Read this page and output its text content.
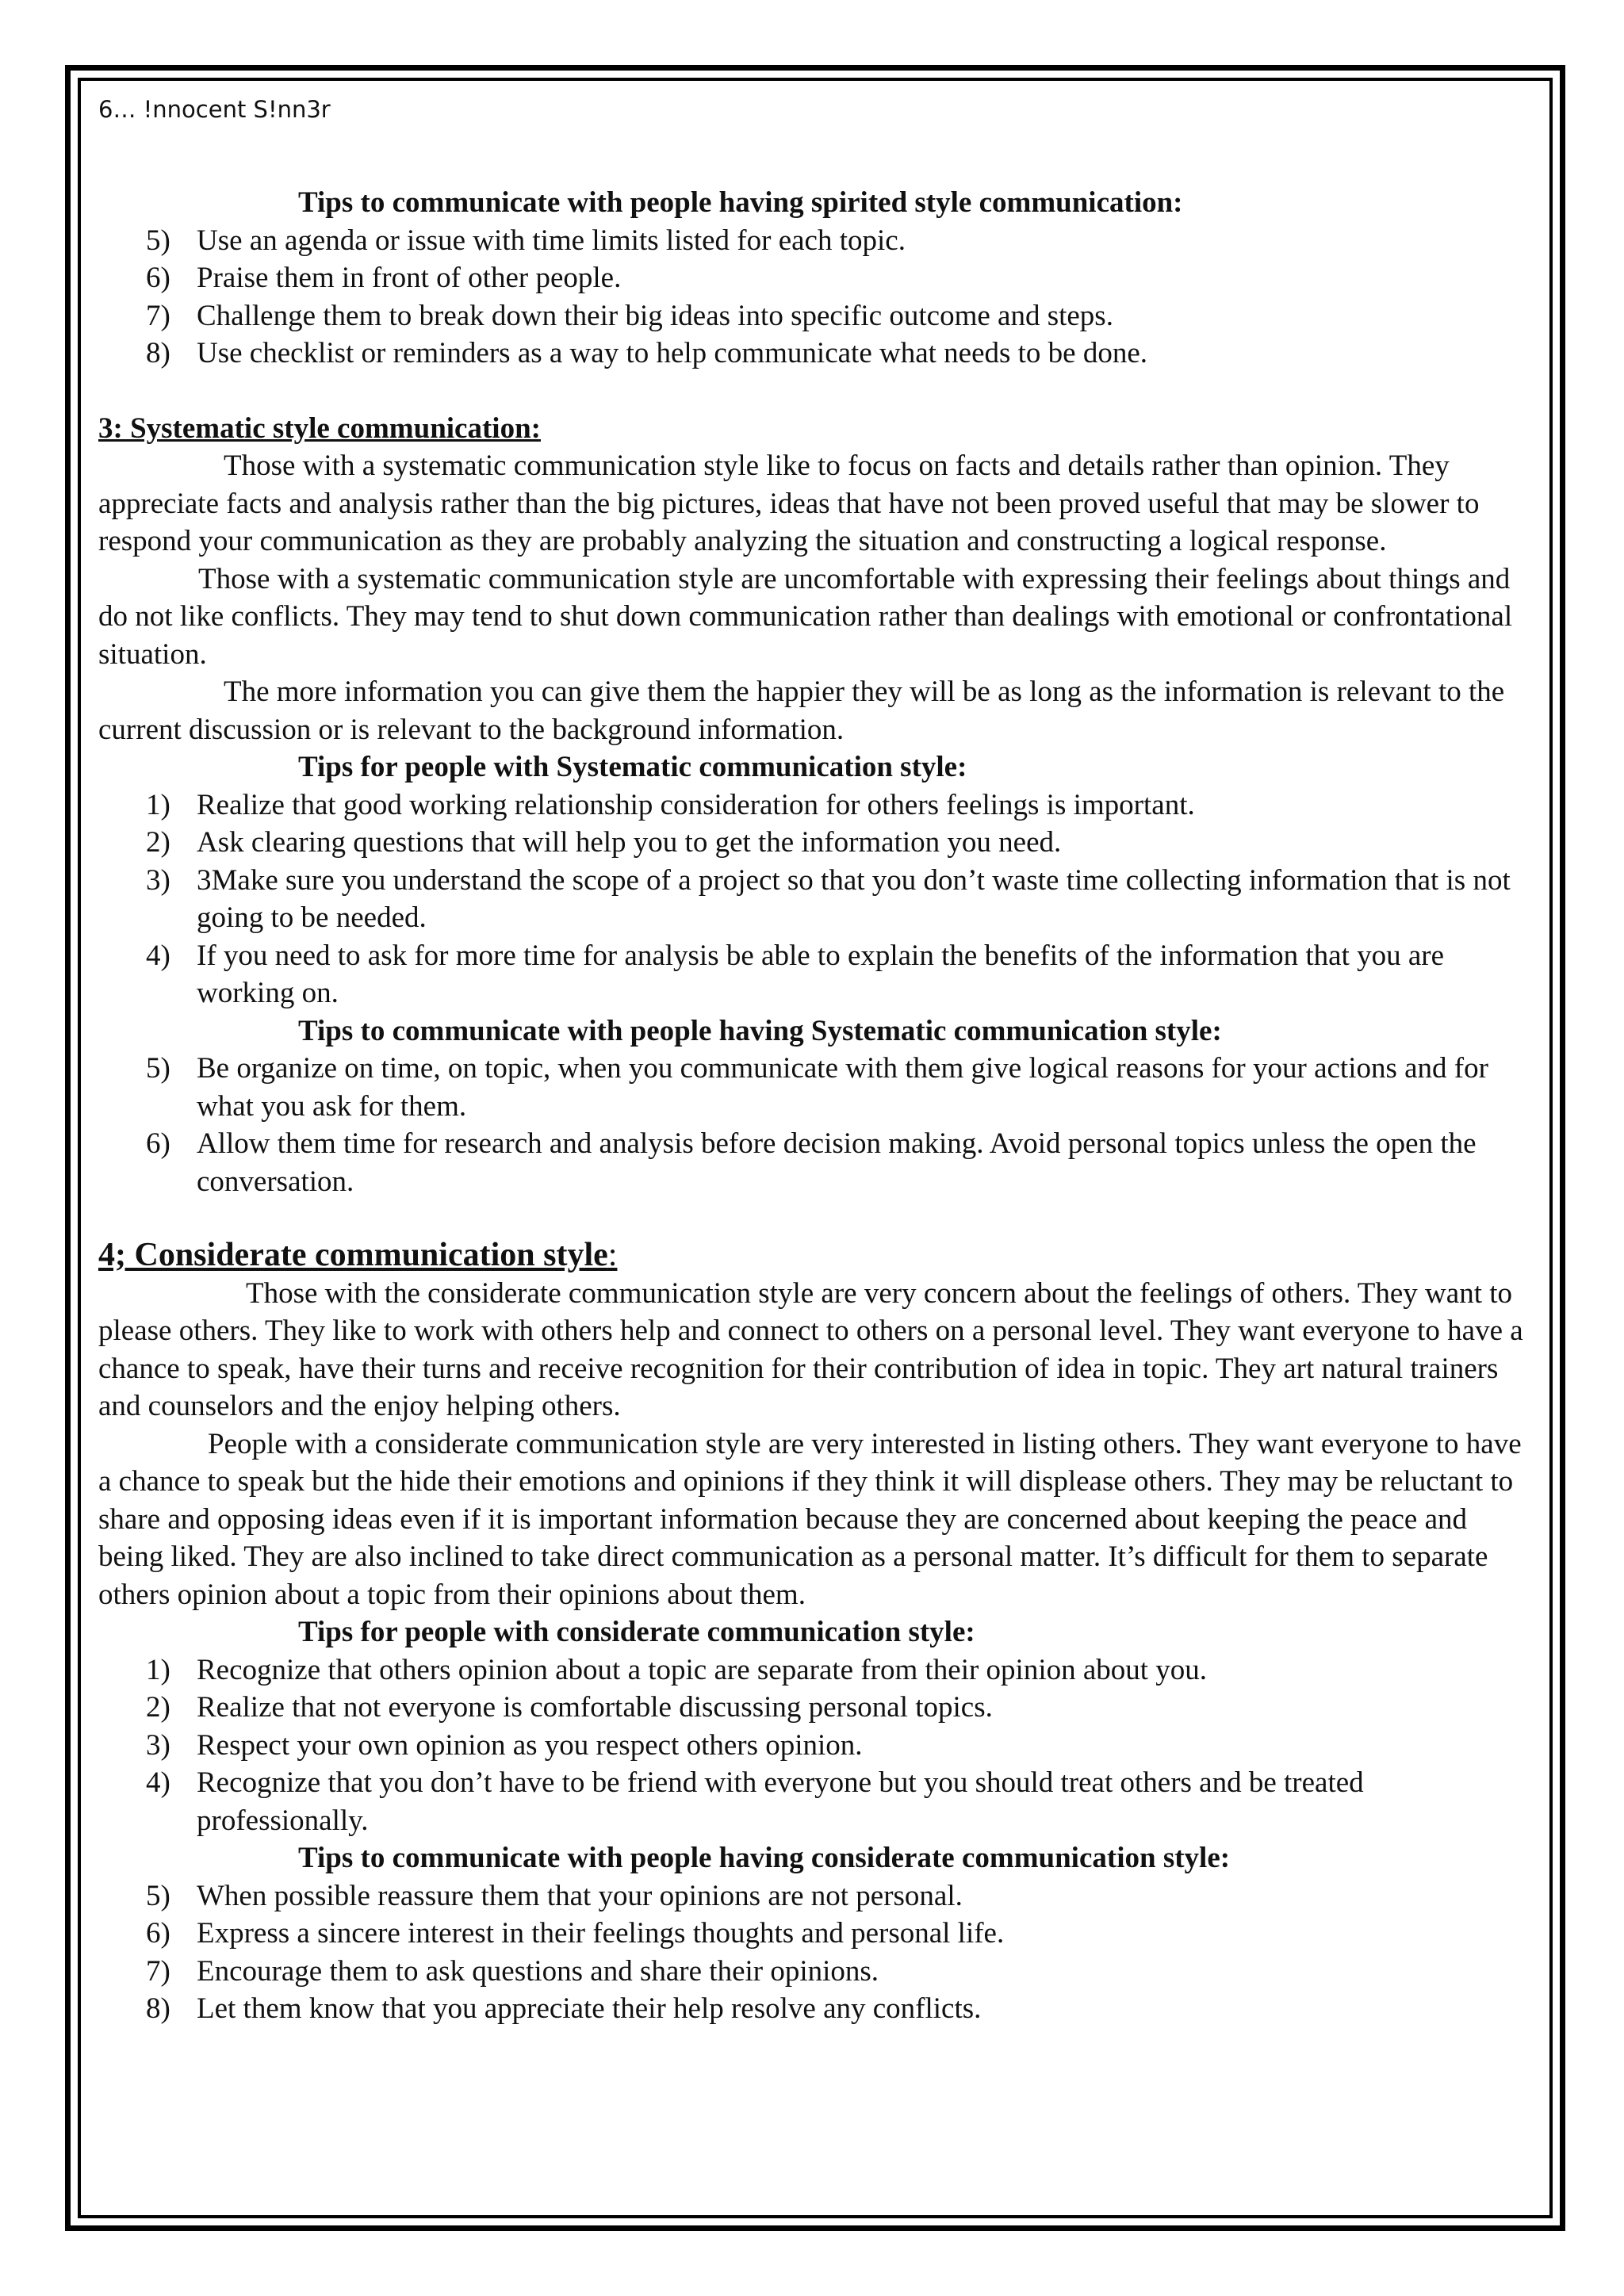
6… !nnocent S!nn3r
Tips to communicate with people having spirited style communication:
5) Use an agenda or issue with time limits listed for each topic.
6) Praise them in front of other people.
7) Challenge them to break down their big ideas into specific outcome and steps.
8) Use checklist or reminders as a way to help communicate what needs to be done.
3: Systematic style communication:

Those with a systematic communication style like to focus on facts and details rather than opinion. They appreciate facts and analysis rather than the big pictures, ideas that have not been proved useful that may be slower to respond your communication as they are probably analyzing the situation and constructing a logical response.

Those with a systematic communication style are uncomfortable with expressing their feelings about things and do not like conflicts. They may tend to shut down communication rather than dealings with emotional or confrontational situation.

The more information you can give them the happier they will be as long as the information is relevant to the current discussion or is relevant to the background information.

Tips for people with Systematic communication style:
1) Realize that good working relationship consideration for others feelings is important.
2) Ask clearing questions that will help you to get the information you need.
3) 3Make sure you understand the scope of a project so that you don’t waste time collecting information that is not going to be needed.
4) If you need to ask for more time for analysis be able to explain the benefits of the information that you are working on.
Tips to communicate with people having Systematic communication style:
5) Be organize on time, on topic, when you communicate with them give logical reasons for your actions and for what you ask for them.
6) Allow them time for research and analysis before decision making. Avoid personal topics unless the open the conversation.
4; Considerate communication style:

Those with the considerate communication style are very concern about the feelings of others. They want to please others. They like to work with others help and connect to others on a personal level. They want everyone to have a chance to speak, have their turns and receive recognition for their contribution of idea in topic. They art natural trainers and counselors and the enjoy helping others.

People with a considerate communication style are very interested in listing others. They want everyone to have a chance to speak but the hide their emotions and opinions if they think it will displease others. They may be reluctant to share and opposing ideas even if it is important information because they are concerned about keeping the peace and being liked. They are also inclined to take direct communication as a personal matter. It’s difficult for them to separate others opinion about a topic from their opinions about them.

Tips for people with considerate communication style:
1) Recognize that others opinion about a topic are separate from their opinion about you.
2) Realize that not everyone is comfortable discussing personal topics.
3) Respect your own opinion as you respect others opinion.
4) Recognize that you don’t have to be friend with everyone but you should treat others and be treated professionally.
Tips to communicate with people having considerate communication style:
5) When possible reassure them that your opinions are not personal.
6) Express a sincere interest in their feelings thoughts and personal life.
7) Encourage them to ask questions and share their opinions.
8) Let them know that you appreciate their help resolve any conflicts.
